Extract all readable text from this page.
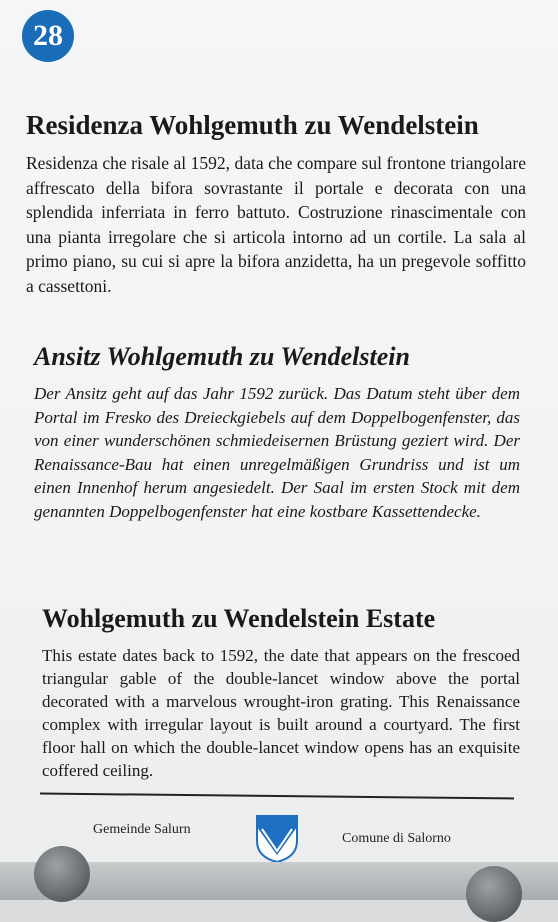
28
Residenza Wohlgemuth zu Wendelstein

Residenza che risale al 1592, data che compare sul frontone triangolare affrescato della bifora sovrastante il portale e decorata con una splendida inferriata in ferro battuto. Costruzione rinascimentale con una pianta irregolare che si articola intorno ad un cortile. La sala al primo piano, su cui si apre la bifora anzidetta, ha un pregevole soffitto a cassettoni.

Ansitz Wohlgemuth zu Wendelstein

Der Ansitz geht auf das Jahr 1592 zurück. Das Datum steht über dem Portal im Fresko des Dreieckgiebels auf dem Doppelbogenfenster, das von einer wunderschönen schmiedeisernen Brüstung geziert wird. Der Renaissance-Bau hat einen unregelmäßigen Grundriss und ist um einen Innenhof herum angesiedelt. Der Saal im ersten Stock mit dem genannten Doppelbogenfenster hat eine kostbare Kassettendecke.

Wohlgemuth zu Wendelstein Estate

This estate dates back to 1592, the date that appears on the frescoed triangular gable of the double-lancet window above the portal decorated with a marvelous wrought-iron grating. This Renaissance complex with irregular layout is built around a courtyard. The first floor hall on which the double-lancet window opens has an exquisite coffered ceiling.

Gemeinde Salurn
Comune di Salorno
